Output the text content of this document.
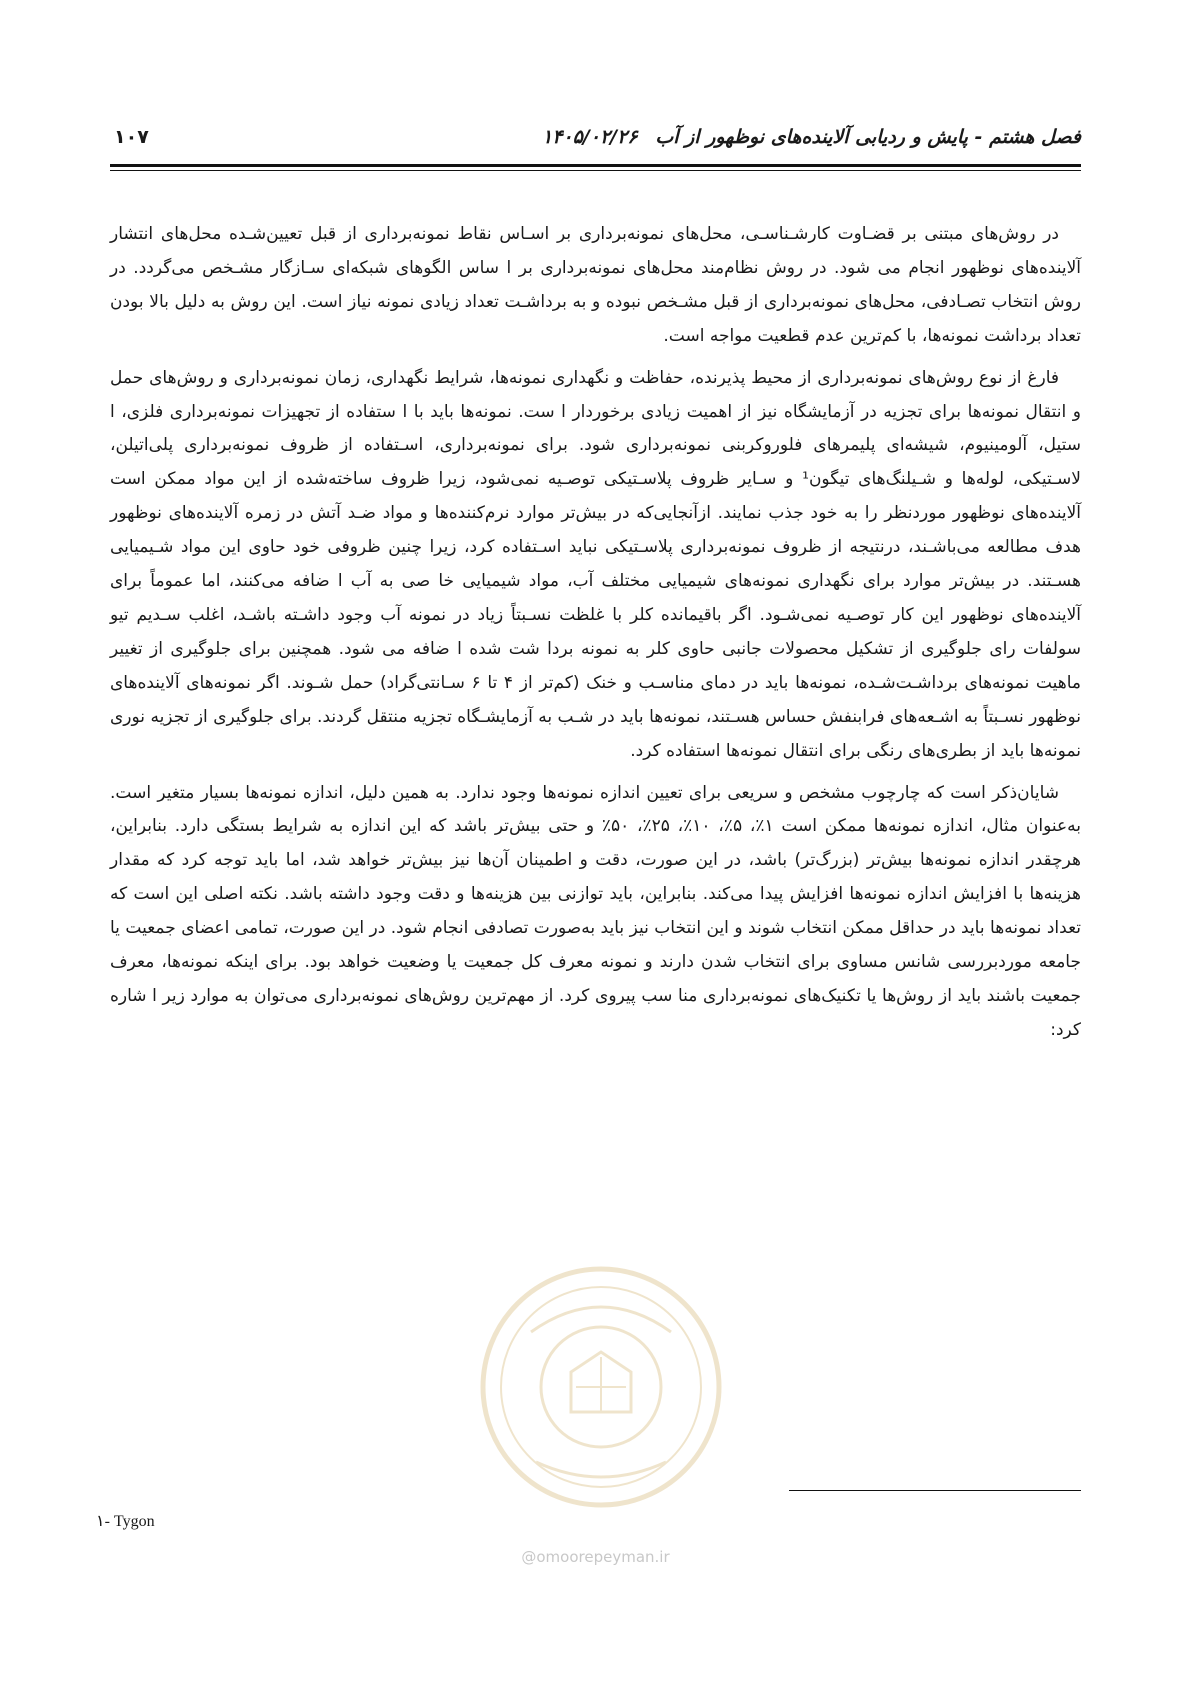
فصل هشتم - پایش و ردیابی آلاینده‌های نوظهور از آب
۱۴۰۵/۰۲/۲۶
۱۰۷

در روش‌های مبتنی بر قضـاوت کارشـناسـی، محل‌های نمونه‌برداری بر اسـاس نقاط نمونه‌برداری از قبل تعیین‌شـده محل‌های انتشار آلاینده‌های نوظهور انجام می شود. در روش نظام‌مند محل‌های نمونه‌برداری بر ا ساس الگوهای شبکه‌ای سـازگار مشـخص می‌گردد. در روش انتخاب تصـادفی، محل‌های نمونه‌برداری از قبل مشـخص نبوده و به برداشـت تعداد زیادی نمونه نیاز است. این روش به دلیل بالا بودن تعداد برداشت نمونه‌ها، با کم‌ترین عدم قطعیت مواجه است.

فارغ از نوع روش‌های نمونه‌برداری از محیط پذیرنده، حفاظت و نگهداری نمونه‌ها، شرایط نگهداری، زمان نمونه‌برداری و روش‌های حمل و انتقال نمونه‌ها برای تجزیه در آزمایشگاه نیز از اهمیت زیادی برخوردار ا ست. نمونه‌ها باید با ا ستفاده از تجهیزات نمونه‌برداری فلزی، ا ستیل، آلومینیوم، شیشه‌ای پلیمرهای فلوروکربنی نمونه‌برداری شود. برای نمونه‌برداری، اسـتفاده از ظروف نمونه‌برداری پلی‌اتیلن، لاسـتیکی، لوله‌ها و شـیلنگ‌های تیگون¹ و سـایر ظروف پلاسـتیکی توصـیه نمی‌شود، زیرا ظروف ساخته‌شده از این مواد ممکن است آلاینده‌های نوظهور موردنظر را به خود جذب نمایند. ازآنجایی‌که در بیش‌تر موارد نرم‌کننده‌ها و مواد ضـد آتش در زمره آلاینده‌های نوظهور هدف مطالعه می‌باشـند، درنتیجه از ظروف نمونه‌برداری پلاسـتیکی نباید اسـتفاده کرد، زیرا چنین ظروفی خود حاوی این مواد شـیمیایی هسـتند. در بیش‌تر موارد برای نگهداری نمونه‌های شیمیایی مختلف آب، مواد شیمیایی خا صی به آب ا ضافه می‌کنند، اما عموماً برای آلاینده‌های نوظهور این کار توصـیه نمی‌شـود. اگر باقیمانده کلر با غلظت نسـبتاً زیاد در نمونه آب وجود داشـته باشـد، اغلب سـدیم تیو سولفات رای جلوگیری از تشکیل محصولات جانبی حاوی کلر به نمونه بردا شت شده ا ضافه می شود. همچنین برای جلوگیری از تغییر ماهیت نمونه‌های برداشـت‌شـده، نمونه‌ها باید در دمای مناسـب و خنک (کم‌تر از ۴ تا ۶ سـانتی‌گراد) حمل شـوند. اگر نمونه‌های آلاینده‌های نوظهور نسـبتاً به اشـعه‌های فرابنفش حساس هسـتند، نمونه‌ها باید در شـب به آزمایشـگاه تجزیه منتقل گردند. برای جلوگیری از تجزیه نوری نمونه‌ها باید از بطری‌های رنگی برای انتقال نمونه‌ها استفاده کرد.

شایان‌ذکر است که چارچوب مشخص و سریعی برای تعیین اندازه نمونه‌ها وجود ندارد. به همین دلیل، اندازه نمونه‌ها بسیار متغیر است. به‌عنوان مثال، اندازه نمونه‌ها ممکن است ۱٪، ۵٪، ۱۰٪، ۲۵٪، ۵۰٪ و حتی بیش‌تر باشد که این اندازه به شرایط بستگی دارد. بنابراین، هرچقدر اندازه نمونه‌ها بیش‌تر (بزرگ‌تر) باشد، در این صورت، دقت و اطمینان آن‌ها نیز بیش‌تر خواهد شد، اما باید توجه کرد که مقدار هزینه‌ها با افزایش اندازه نمونه‌ها افزایش پیدا می‌کند. بنابراین، باید توازنی بین هزینه‌ها و دقت وجود داشته باشد. نکته اصلی این است که تعداد نمونه‌ها باید در حداقل ممکن انتخاب شوند و این انتخاب نیز باید به‌صورت تصادفی انجام شود. در این صورت، تمامی اعضای جمعیت یا جامعه موردبررسی شانس مساوی برای انتخاب شدن دارند و نمونه معرف کل جمعیت یا وضعیت خواهد بود. برای اینکه نمونه‌ها، معرف جمعیت باشند باید از روش‌ها یا تکنیک‌های نمونه‌برداری منا سب پیروی کرد. از مهم‌ترین روش‌های نمونه‌برداری می‌توان به موارد زیر ا شاره کرد:

۱- Tygon
@omoorepeyman.ir
